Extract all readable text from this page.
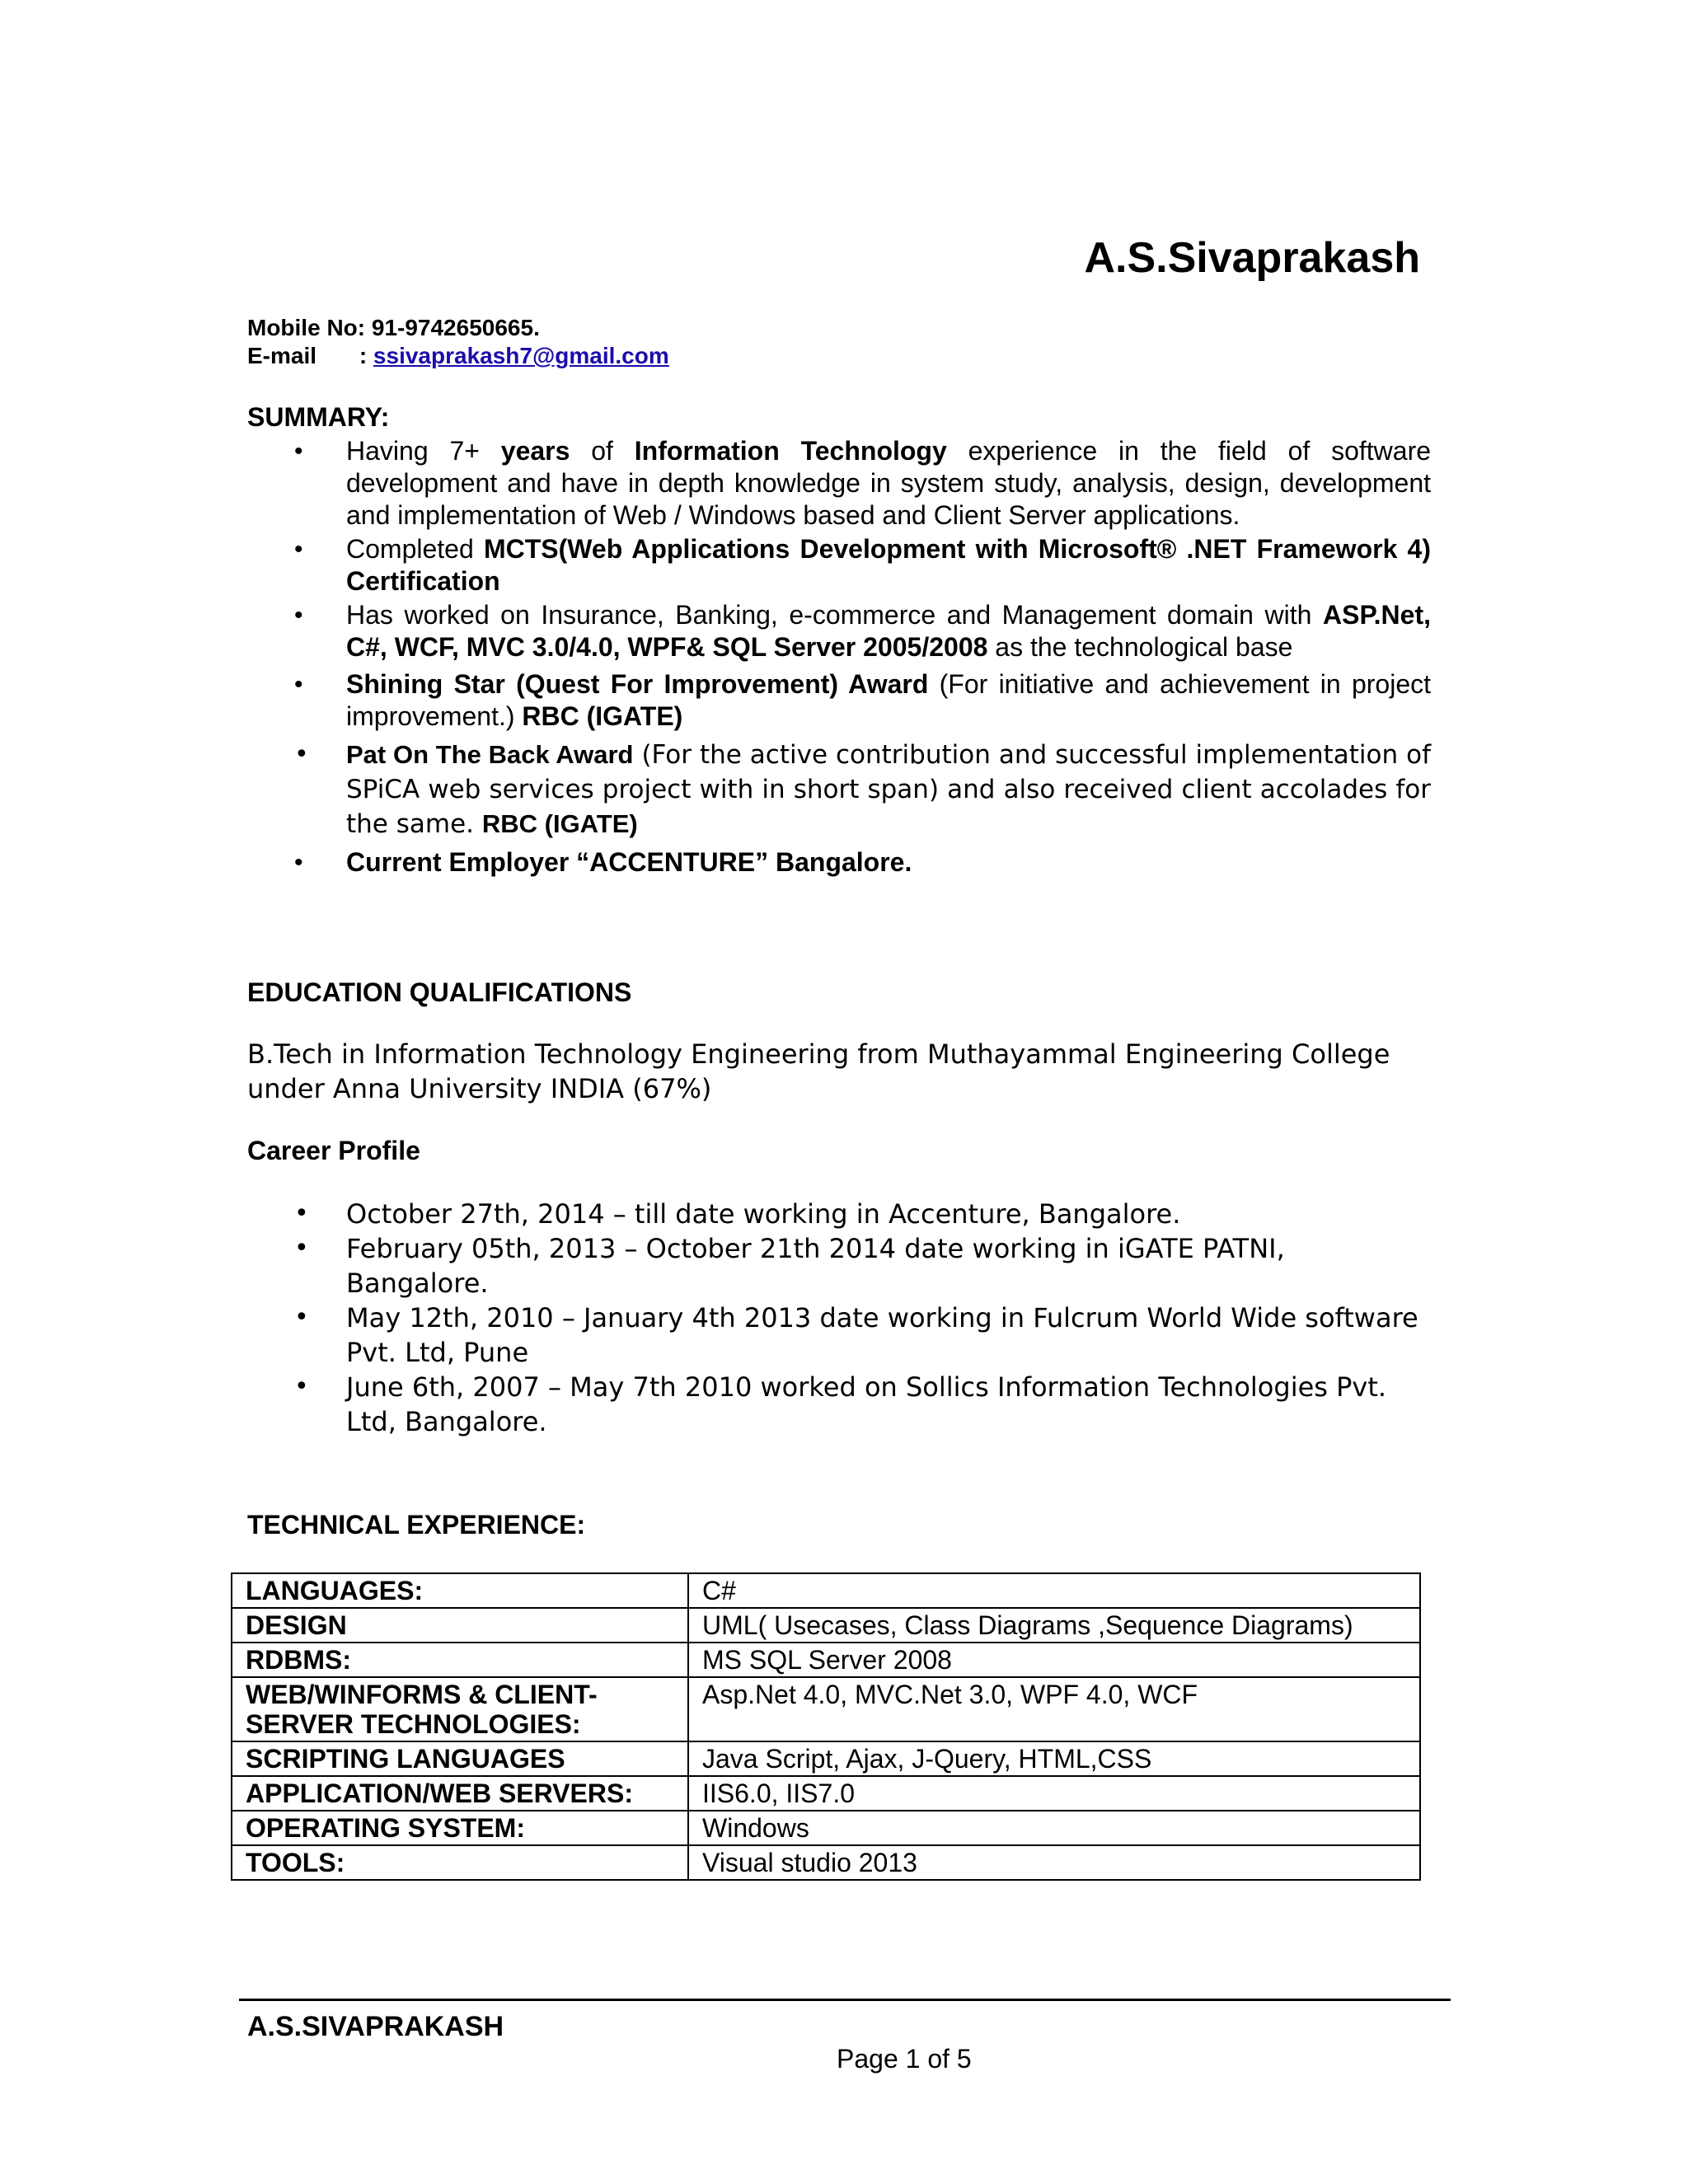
A.S.Sivaprakash
Mobile No: 91-9742650665.
E-mail : ssivaprakash7@gmail.com
SUMMARY:
• Having 7+ years of Information Technology experience in the field of software development and have in depth knowledge in system study, analysis, design, development and implementation of Web / Windows based and Client Server applications.
• Completed MCTS(Web Applications Development with Microsoft® .NET Framework 4) Certification
• Has worked on Insurance, Banking, e-commerce and Management domain with ASP.Net, C#, WCF, MVC 3.0/4.0, WPF& SQL Server 2005/2008 as the technological base
• Shining Star (Quest For Improvement) Award (For initiative and achievement in project improvement.) RBC (IGATE)
• Pat On The Back Award (For the active contribution and successful implementation of SPiCA web services project with in short span) and also received client accolades for the same. RBC (IGATE)
• Current Employer “ACCENTURE” Bangalore.
EDUCATION QUALIFICATIONS
B.Tech in Information Technology Engineering from Muthayammal Engineering College under Anna University INDIA (67%)
Career Profile
• October 27th, 2014 – till date working in Accenture, Bangalore.
• February 05th, 2013 – October 21th 2014 date working in iGATE PATNI, Bangalore.
• May 12th, 2010 – January 4th 2013 date working in Fulcrum World Wide software Pvt. Ltd, Pune
• June 6th, 2007 – May 7th 2010 worked on Sollics Information Technologies Pvt. Ltd, Bangalore.
TECHNICAL EXPERIENCE:
LANGUAGES:	C#
DESIGN	UML( Usecases, Class Diagrams ,Sequence Diagrams)
RDBMS:	MS SQL Server 2008
WEB/WINFORMS & CLIENT-SERVER TECHNOLOGIES:	Asp.Net 4.0, MVC.Net 3.0, WPF 4.0, WCF
SCRIPTING LANGUAGES	Java Script, Ajax, J-Query, HTML,CSS
APPLICATION/WEB SERVERS:	IIS6.0, IIS7.0
OPERATING SYSTEM:	Windows
TOOLS:	Visual studio 2013
A.S.SIVAPRAKASH
Page 1 of 5
